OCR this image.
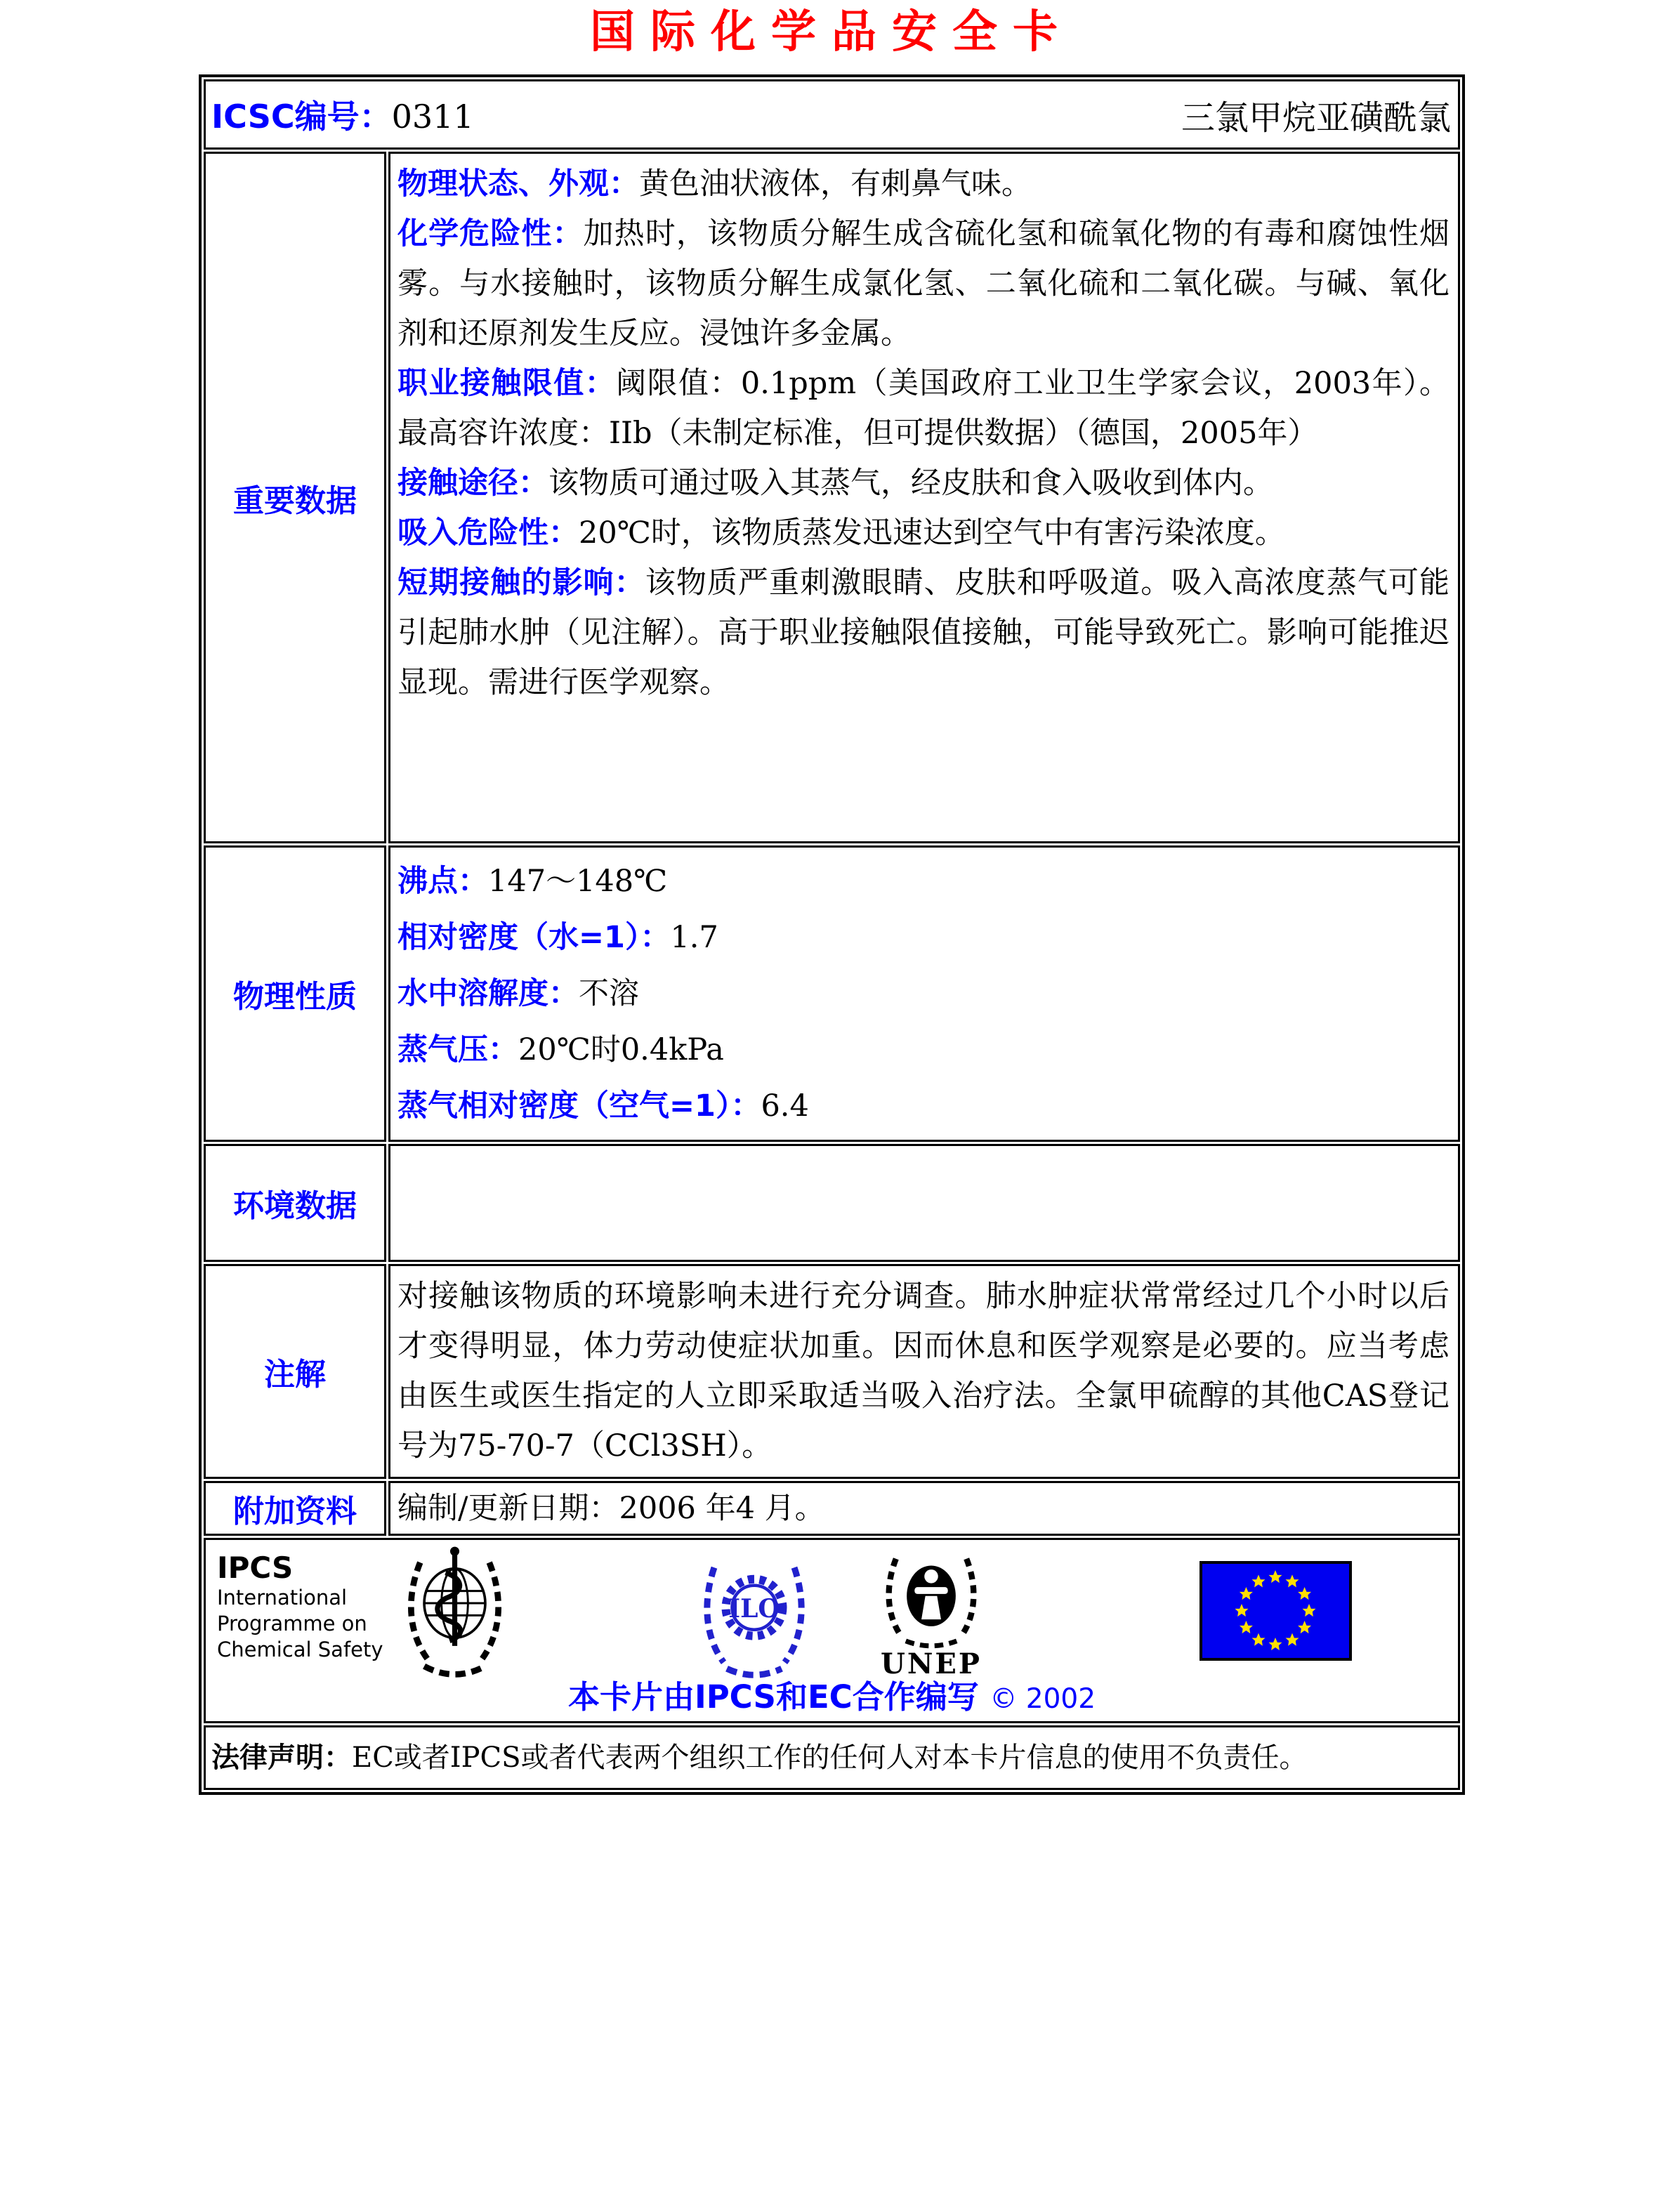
国际化学品安全卡
ICSC编号：0311	三氯甲烷亚磺酰氯
重要数据

物理状态、外观：黄色油状液体，有刺鼻气味。

化学危险性：加热时，该物质分解生成含硫化氢和硫氧化物的有毒和腐蚀性烟雾。与水接触时，该物质分解生成氯化氢、二氧化硫和二氧化碳。与碱、氧化剂和还原剂发生反应。浸蚀许多金属。

职业接触限值：阈限值：0.1ppm（美国政府工业卫生学家会议，2003年）。最高容许浓度：IIb（未制定标准，但可提供数据）（德国，2005年）

接触途径：该物质可通过吸入其蒸气，经皮肤和食入吸收到体内。

吸入危险性：20℃时，该物质蒸发迅速达到空气中有害污染浓度。

短期接触的影响：该物质严重刺激眼睛、皮肤和呼吸道。吸入高浓度蒸气可能引起肺水肿（见注解）。高于职业接触限值接触，可能导致死亡。影响可能推迟显现。需进行医学观察。

物理性质

沸点：147～148℃

相对密度（水=1）：1.7

水中溶解度：不溶

蒸气压：20℃时0.4kPa

蒸气相对密度（空气=1）：6.4

环境数据
注解

对接触该物质的环境影响未进行充分调查。肺水肿症状常常经过几个小时以后才变得明显，体力劳动使症状加重。因而休息和医学观察是必要的。应当考虑由医生或医生指定的人立即采取适当吸入治疗法。全氯甲硫醇的其他CAS登记号为75-70-7（CCl3SH）。

附加资料	编制/更新日期：2006 年4 月。

IPCS
International
Programme on
Chemical Safety
ILO
UNEP
本卡片由IPCS和EC合作编写 © 2002

法律声明：EC或者IPCS或者代表两个组织工作的任何人对本卡片信息的使用不负责任。
